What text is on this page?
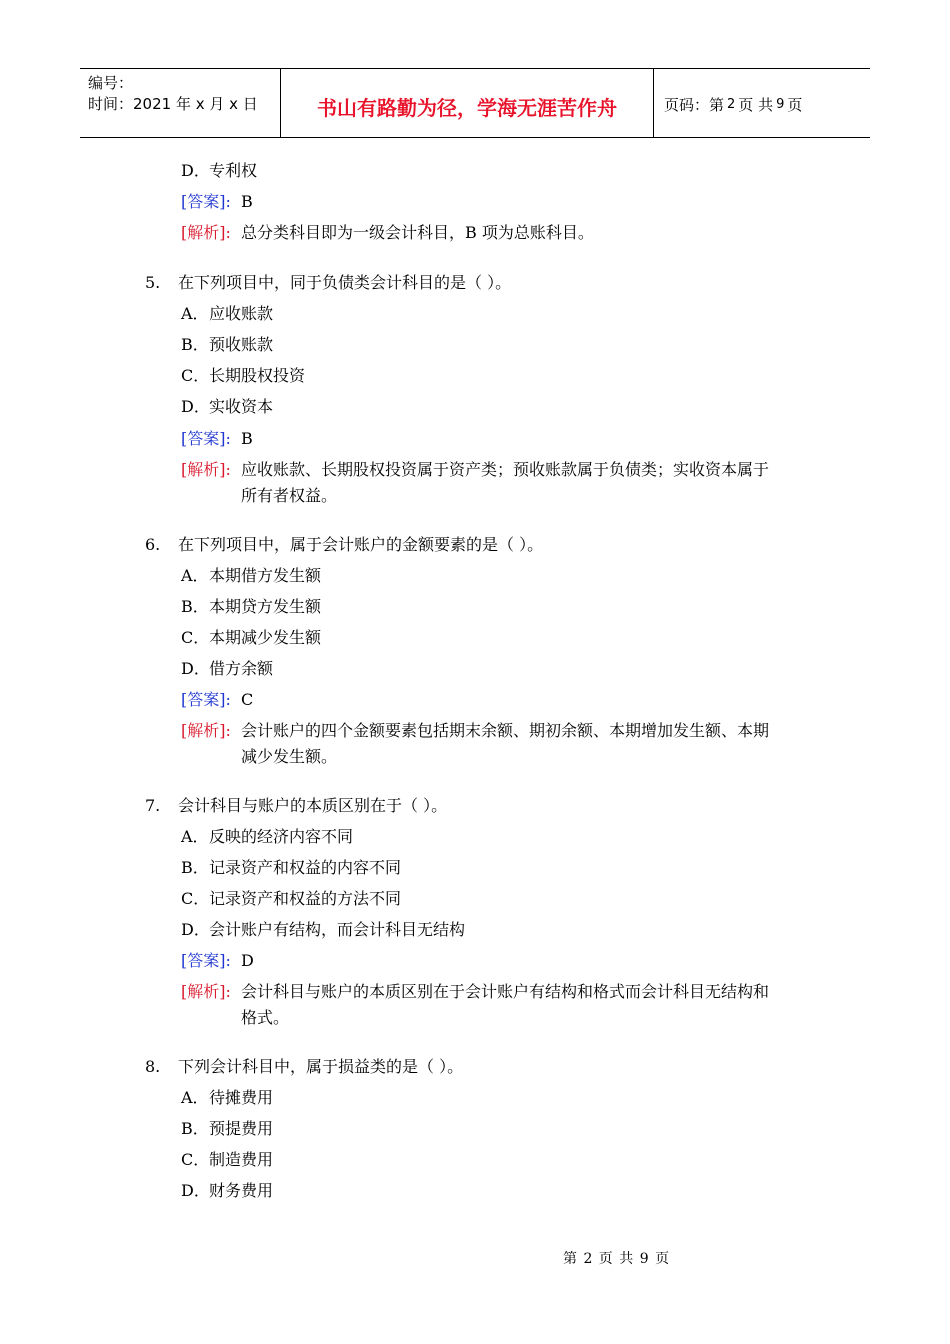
编号：
时间：2021 年 x 月 x 日	书山有路勤为径，学海无涯苦作舟	页码：第 2 页 共 9 页
D．专利权
[答案]: B
[解析]: 总分类科目即为一级会计科目，B 项为总账科目。
5. 在下列项目中，同于负债类会计科目的是（ ）。
A．应收账款
B．预收账款
C．长期股权投资
D．实收资本
[答案]: B
[解析]: 应收账款、长期股权投资属于资产类；预收账款属于负债类；实收资本属于
所有者权益。
6. 在下列项目中，属于会计账户的金额要素的是（ ）。
A．本期借方发生额
B．本期贷方发生额
C．本期减少发生额
D．借方余额
[答案]: C
[解析]: 会计账户的四个金额要素包括期末余额、期初余额、本期增加发生额、本期
减少发生额。
7. 会计科目与账户的本质区别在于（ ）。
A．反映的经济内容不同
B．记录资产和权益的内容不同
C．记录资产和权益的方法不同
D．会计账户有结构，而会计科目无结构
[答案]: D
[解析]: 会计科目与账户的本质区别在于会计账户有结构和格式而会计科目无结构和
格式。
8. 下列会计科目中，属于损益类的是（ ）。
A．待摊费用
B．预提费用
C．制造费用
D．财务费用
第 2 页 共 9 页
